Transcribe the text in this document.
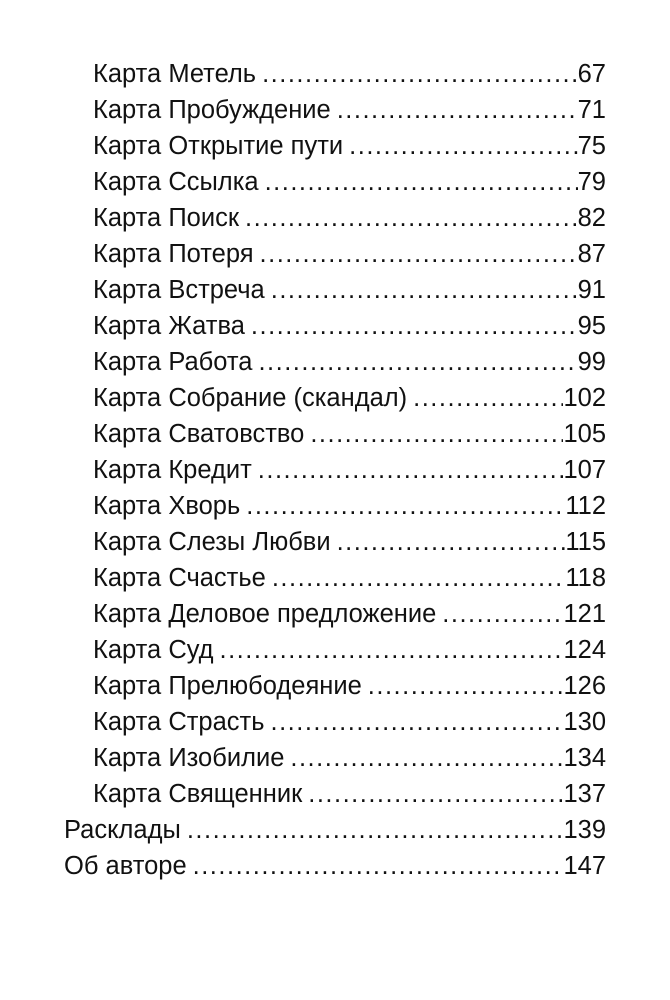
Карта Метель .....	67
Карта Пробуждение .....	71
Карта Открытие пути .....	75
Карта Ссылка .....	79
Карта Поиск .....	82
Карта Потеря .....	87
Карта Встреча .....	91
Карта Жатва .....	95
Карта Работа .....	99
Карта Собрание (скандал) .....	102
Карта Сватовство .....	105
Карта Кредит .....	107
Карта Хворь .....	112
Карта Слезы Любви .....	115
Карта Счастье .....	118
Карта Деловое предложение .....	121
Карта Суд .....	124
Карта Прелюбодеяние .....	126
Карта Страсть .....	130
Карта Изобилие .....	134
Карта Священник .....	137
Расклады .....	139
Об авторе .....	147
